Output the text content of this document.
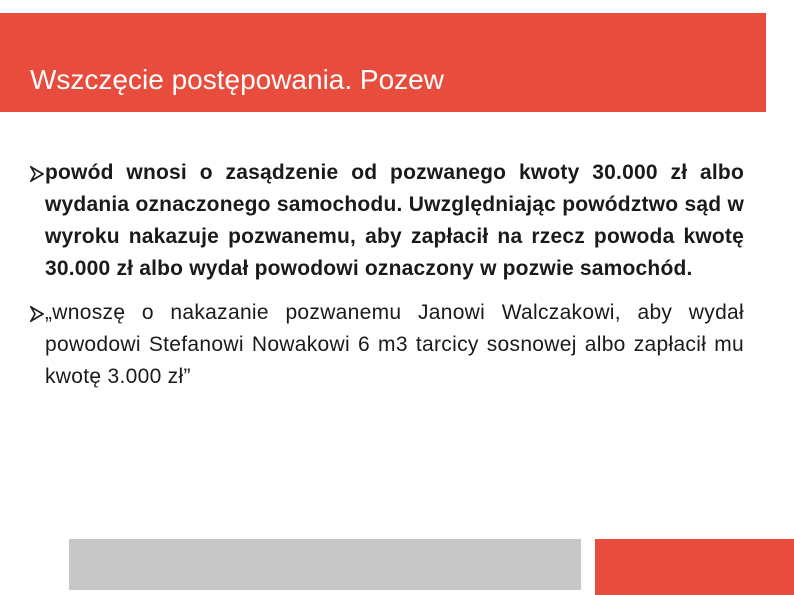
Wszczęcie postępowania. Pozew

powód wnosi o zasądzenie od pozwanego kwoty 30.000 zł albo wydania oznaczonego samochodu. Uwzględniając powództwo sąd w wyroku nakazuje pozwanemu, aby zapłacił na rzecz powoda kwotę 30.000 zł albo wydał powodowi oznaczony w pozwie samochód.

„wnoszę o nakazanie pozwanemu Janowi Walczakowi, aby wydał powodowi Stefanowi Nowakowi 6 m3 tarcicy sosnowej albo zapłacił mu kwotę 3.000 zł”
